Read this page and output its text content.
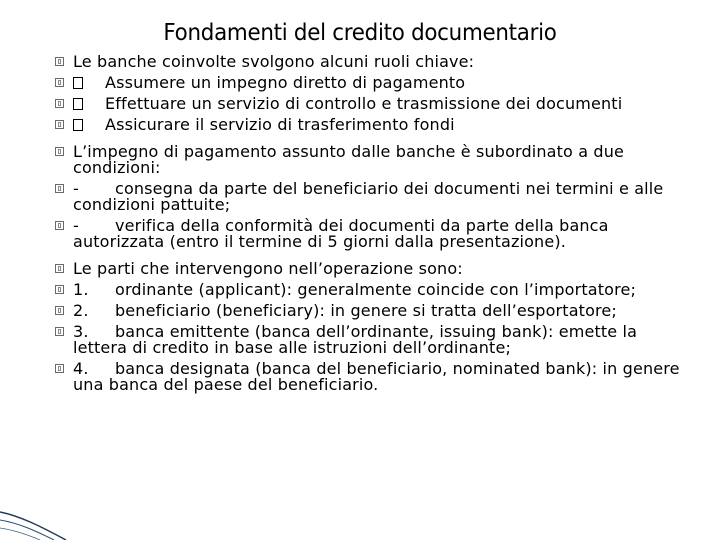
Fondamenti del credito documentario
Le banche coinvolte svolgono alcuni ruoli chiave:
Assumere un impegno diretto di pagamento
Effettuare un servizio di controllo e trasmissione dei documenti
Assicurare il servizio di trasferimento fondi
L’impegno di pagamento assunto dalle banche è subordinato a due condizioni:
- consegna da parte del beneficiario dei documenti nei termini e alle condizioni pattuite;
- verifica della conformità dei documenti da parte della banca autorizzata (entro il termine di 5 giorni dalla presentazione).
Le parti che intervengono nell’operazione sono:
1. ordinante (applicant): generalmente coincide con l’importatore;
2. beneficiario (beneficiary): in genere si tratta dell’esportatore;
3. banca emittente (banca dell’ordinante, issuing bank): emette la lettera di credito in base alle istruzioni dell’ordinante;
4. banca designata (banca del beneficiario, nominated bank): in genere una banca del paese del beneficiario.
